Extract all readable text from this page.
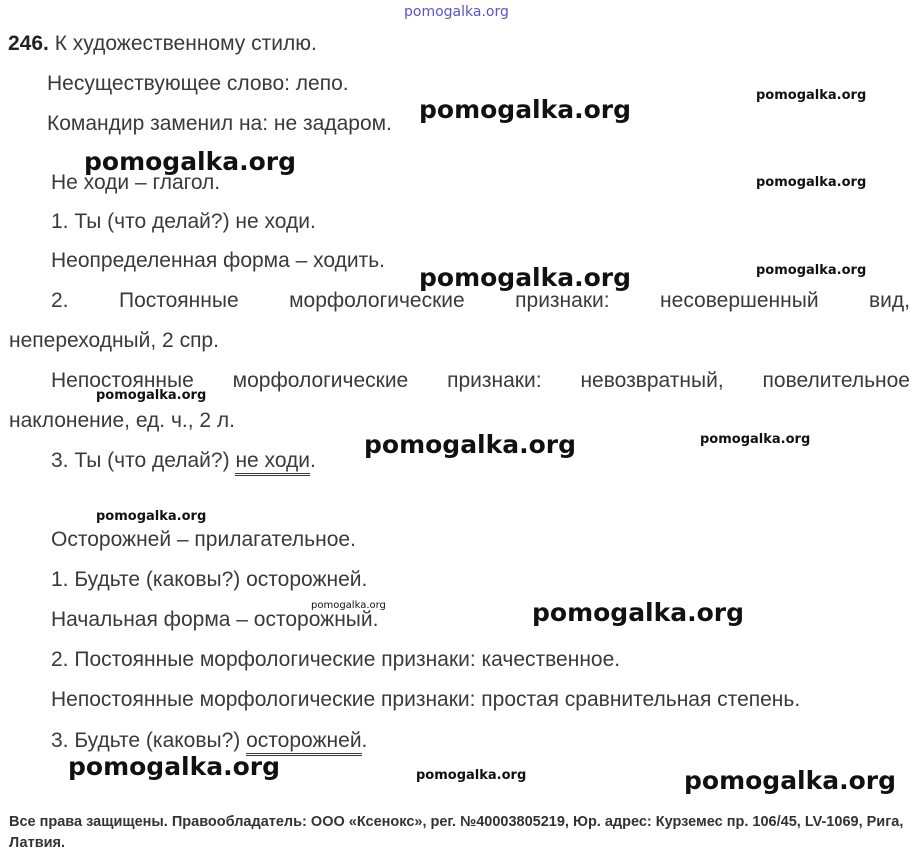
pomogalka.org
246. К художественному стилю.
Несуществующее слово: лепо.
Командир заменил на: не задаром.
Не ходи – глагол.
1. Ты (что делай?) не ходи.
Неопределенная форма – ходить.
2. Постоянные морфологические признаки: несовершенный вид,
непереходный, 2 спр.
Непостоянные морфологические признаки: невозвратный, повелительное
наклонение, ед. ч., 2 л.
3. Ты (что делай?) не ходи.
Осторожней – прилагательное.
1. Будьте (каковы?) осторожней.
Начальная форма – осторожный.
2. Постоянные морфологические признаки: качественное.
Непостоянные морфологические признаки: простая сравнительная степень.
3. Будьте (каковы?) осторожней.
pomogalka.org	pomogalka.org
pomogalka.org
pomogalka.org
pomogalka.org	pomogalka.org
pomogalka.org
pomogalka.org	pomogalka.org
pomogalka.org
pomogalka.org	pomogalka.org
pomogalka.org	pomogalka.org	pomogalka.org
Все права защищены. Правообладатель: ООО «Ксенокс», рег. №40003805219, Юр. адрес: Курземес пр. 106/45, LV-1069, Рига, Латвия.
